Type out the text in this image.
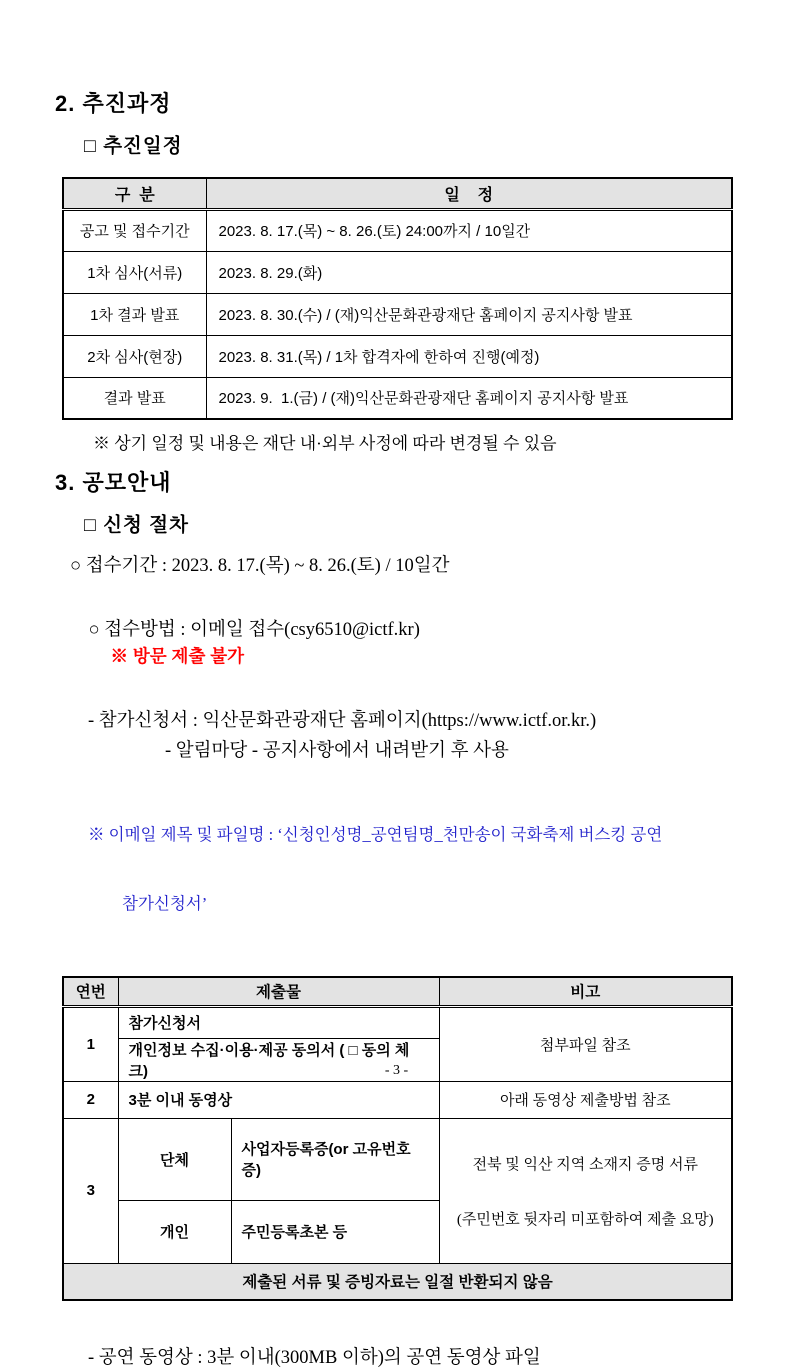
2. 추진과정
□ 추진일정
구  분	일    정
공고 및 접수기간	2023. 8. 17.(목) ~ 8. 26.(토) 24:00까지 / 10일간
1차 심사(서류)	2023. 8. 29.(화)
1차 결과 발표	2023. 8. 30.(수) / (재)익산문화관광재단 홈페이지 공지사항 발표
2차 심사(현장)	2023. 8. 31.(목) / 1차 합격자에 한하여 진행(예정)
결과 발표	2023. 9.  1.(금) / (재)익산문화관광재단 홈페이지 공지사항 발표

※ 상기 일정 및 내용은 재단 내·외부 사정에 따라 변경될 수 있음

3. 공모안내
□ 신청 절차

○ 접수기간 : 2023. 8. 17.(목) ~ 8. 26.(토) / 10일간

○ 접수방법 : 이메일 접수(csy6510@ictf.kr)
※ 방문 제출 불가

- 참가신청서 : 익산문화관광재단 홈페이지(https://www.ictf.or.kr.)

- 알림마당 - 공지사항에서 내려받기 후 사용

※ 이메일 제목 및 파일명 : ‘신청인성명_공연팀명_천만송이 국화축제 버스킹 공연

참가신청서’

연번	제출물		비고
1	참가신청서		첨부파일 참조
	개인정보 수집·이용·제공 동의서 ( □ 동의 체크)		
2	3분 이내 동영상		아래 동영상 제출방법 참조
3	단체	사업자등록증(or 고유번호증)	전북 및 익산 지역 소재지 증명 서류

(주민번호 뒷자리 미포함하여 제출 요망)

	개인	주민등록초본 등	
제출된 서류 및 증빙자료는 일절 반환되지 않음			

- 공연 동영상 : 3분 이내(300MB 이하)의 공연 동영상 파일

- 3 -
